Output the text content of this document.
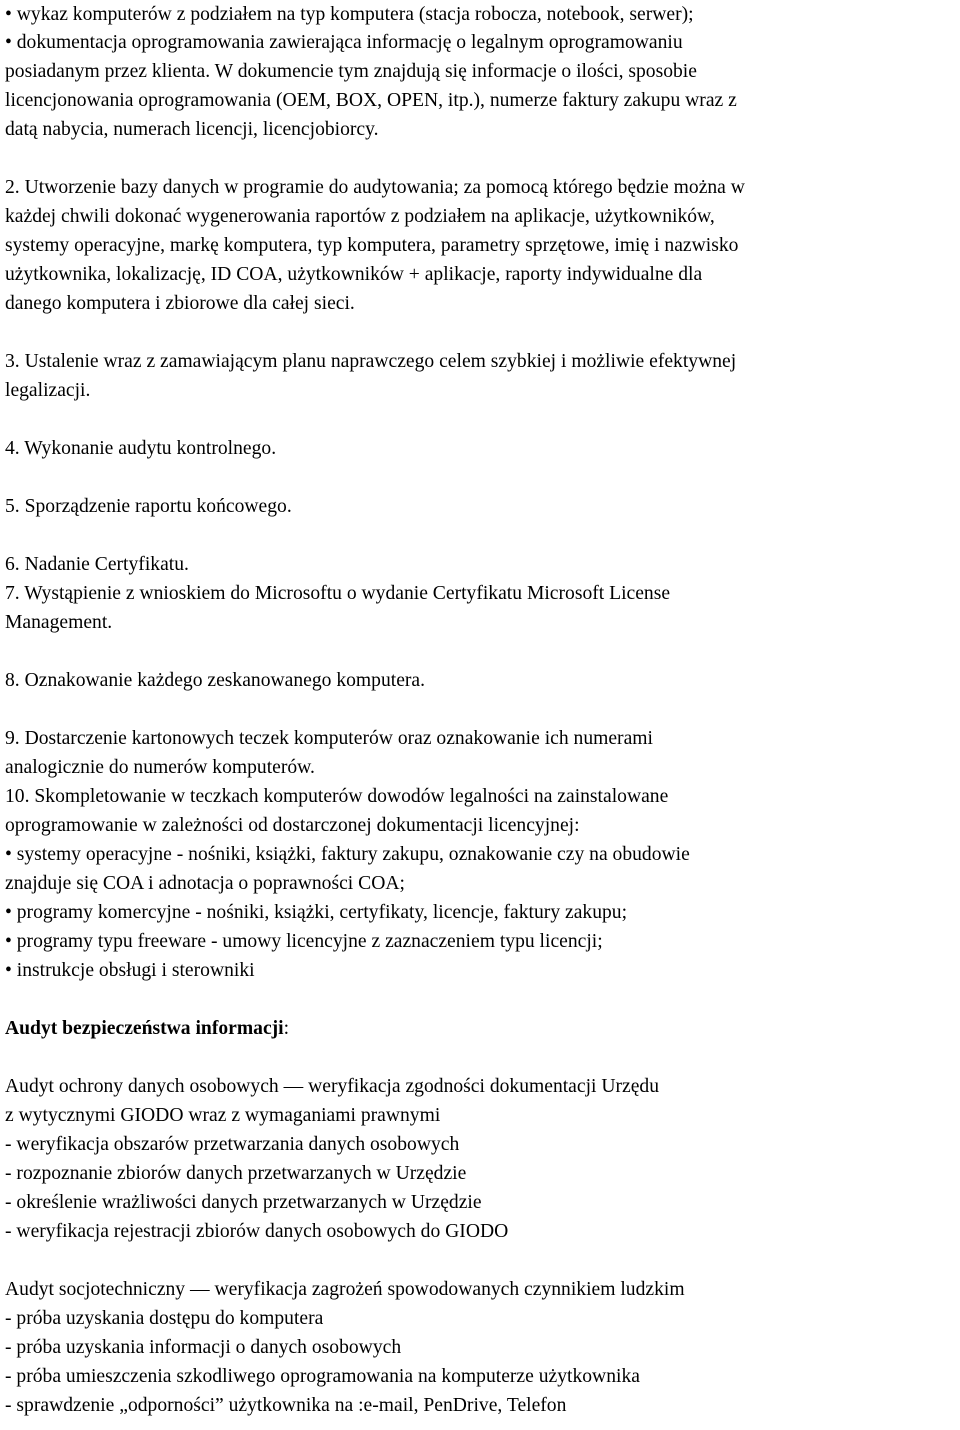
• wykaz komputerów z podziałem na typ komputera (stacja robocza, notebook, serwer);
• dokumentacja oprogramowania zawierająca informację o legalnym oprogramowaniu
posiadanym przez klienta. W dokumencie tym znajdują się informacje o ilości, sposobie
licencjonowania oprogramowania (OEM, BOX, OPEN, itp.), numerze faktury zakupu wraz z
datą nabycia, numerach licencji, licencjobiorcy.
2. Utworzenie bazy danych w programie do audytowania; za pomocą którego będzie można w
każdej chwili dokonać wygenerowania raportów z podziałem na aplikacje, użytkowników,
systemy operacyjne, markę komputera, typ komputera, parametry sprzętowe, imię i nazwisko
użytkownika, lokalizację, ID COA, użytkowników + aplikacje, raporty indywidualne dla
danego komputera i zbiorowe dla całej sieci.
3. Ustalenie wraz z zamawiającym planu naprawczego celem szybkiej i możliwie efektywnej
legalizacji.
4. Wykonanie audytu kontrolnego.
5. Sporządzenie raportu końcowego.
6. Nadanie Certyfikatu.
7. Wystąpienie z wnioskiem do Microsoftu o wydanie Certyfikatu Microsoft License
Management.
8. Oznakowanie każdego zeskanowanego komputera.
9. Dostarczenie kartonowych teczek komputerów oraz oznakowanie ich numerami
analogicznie do numerów komputerów.
10. Skompletowanie w teczkach komputerów dowodów legalności na zainstalowane
oprogramowanie w zależności od dostarczonej dokumentacji licencyjnej:
• systemy operacyjne - nośniki, książki, faktury zakupu, oznakowanie czy na obudowie
znajduje się COA i adnotacja o poprawności COA;
• programy komercyjne - nośniki, książki, certyfikaty, licencje, faktury zakupu;
• programy typu freeware - umowy licencyjne z zaznaczeniem typu licencji;
• instrukcje obsługi i sterowniki
Audyt bezpieczeństwa informacji:
Audyt ochrony danych osobowych ― weryfikacja zgodności dokumentacji Urzędu
z wytycznymi GIODO wraz z wymaganiami prawnymi
- weryfikacja obszarów przetwarzania danych osobowych
- rozpoznanie zbiorów danych przetwarzanych w Urzędzie
- określenie wrażliwości danych przetwarzanych w Urzędzie
- weryfikacja rejestracji zbiorów danych osobowych do GIODO
Audyt socjotechniczny ― weryfikacja zagrożeń spowodowanych czynnikiem ludzkim
- próba uzyskania dostępu do komputera
- próba uzyskania informacji o danych osobowych
- próba umieszczenia szkodliwego oprogramowania na komputerze użytkownika
- sprawdzenie „odporności” użytkownika na :e-mail, PenDrive, Telefon
